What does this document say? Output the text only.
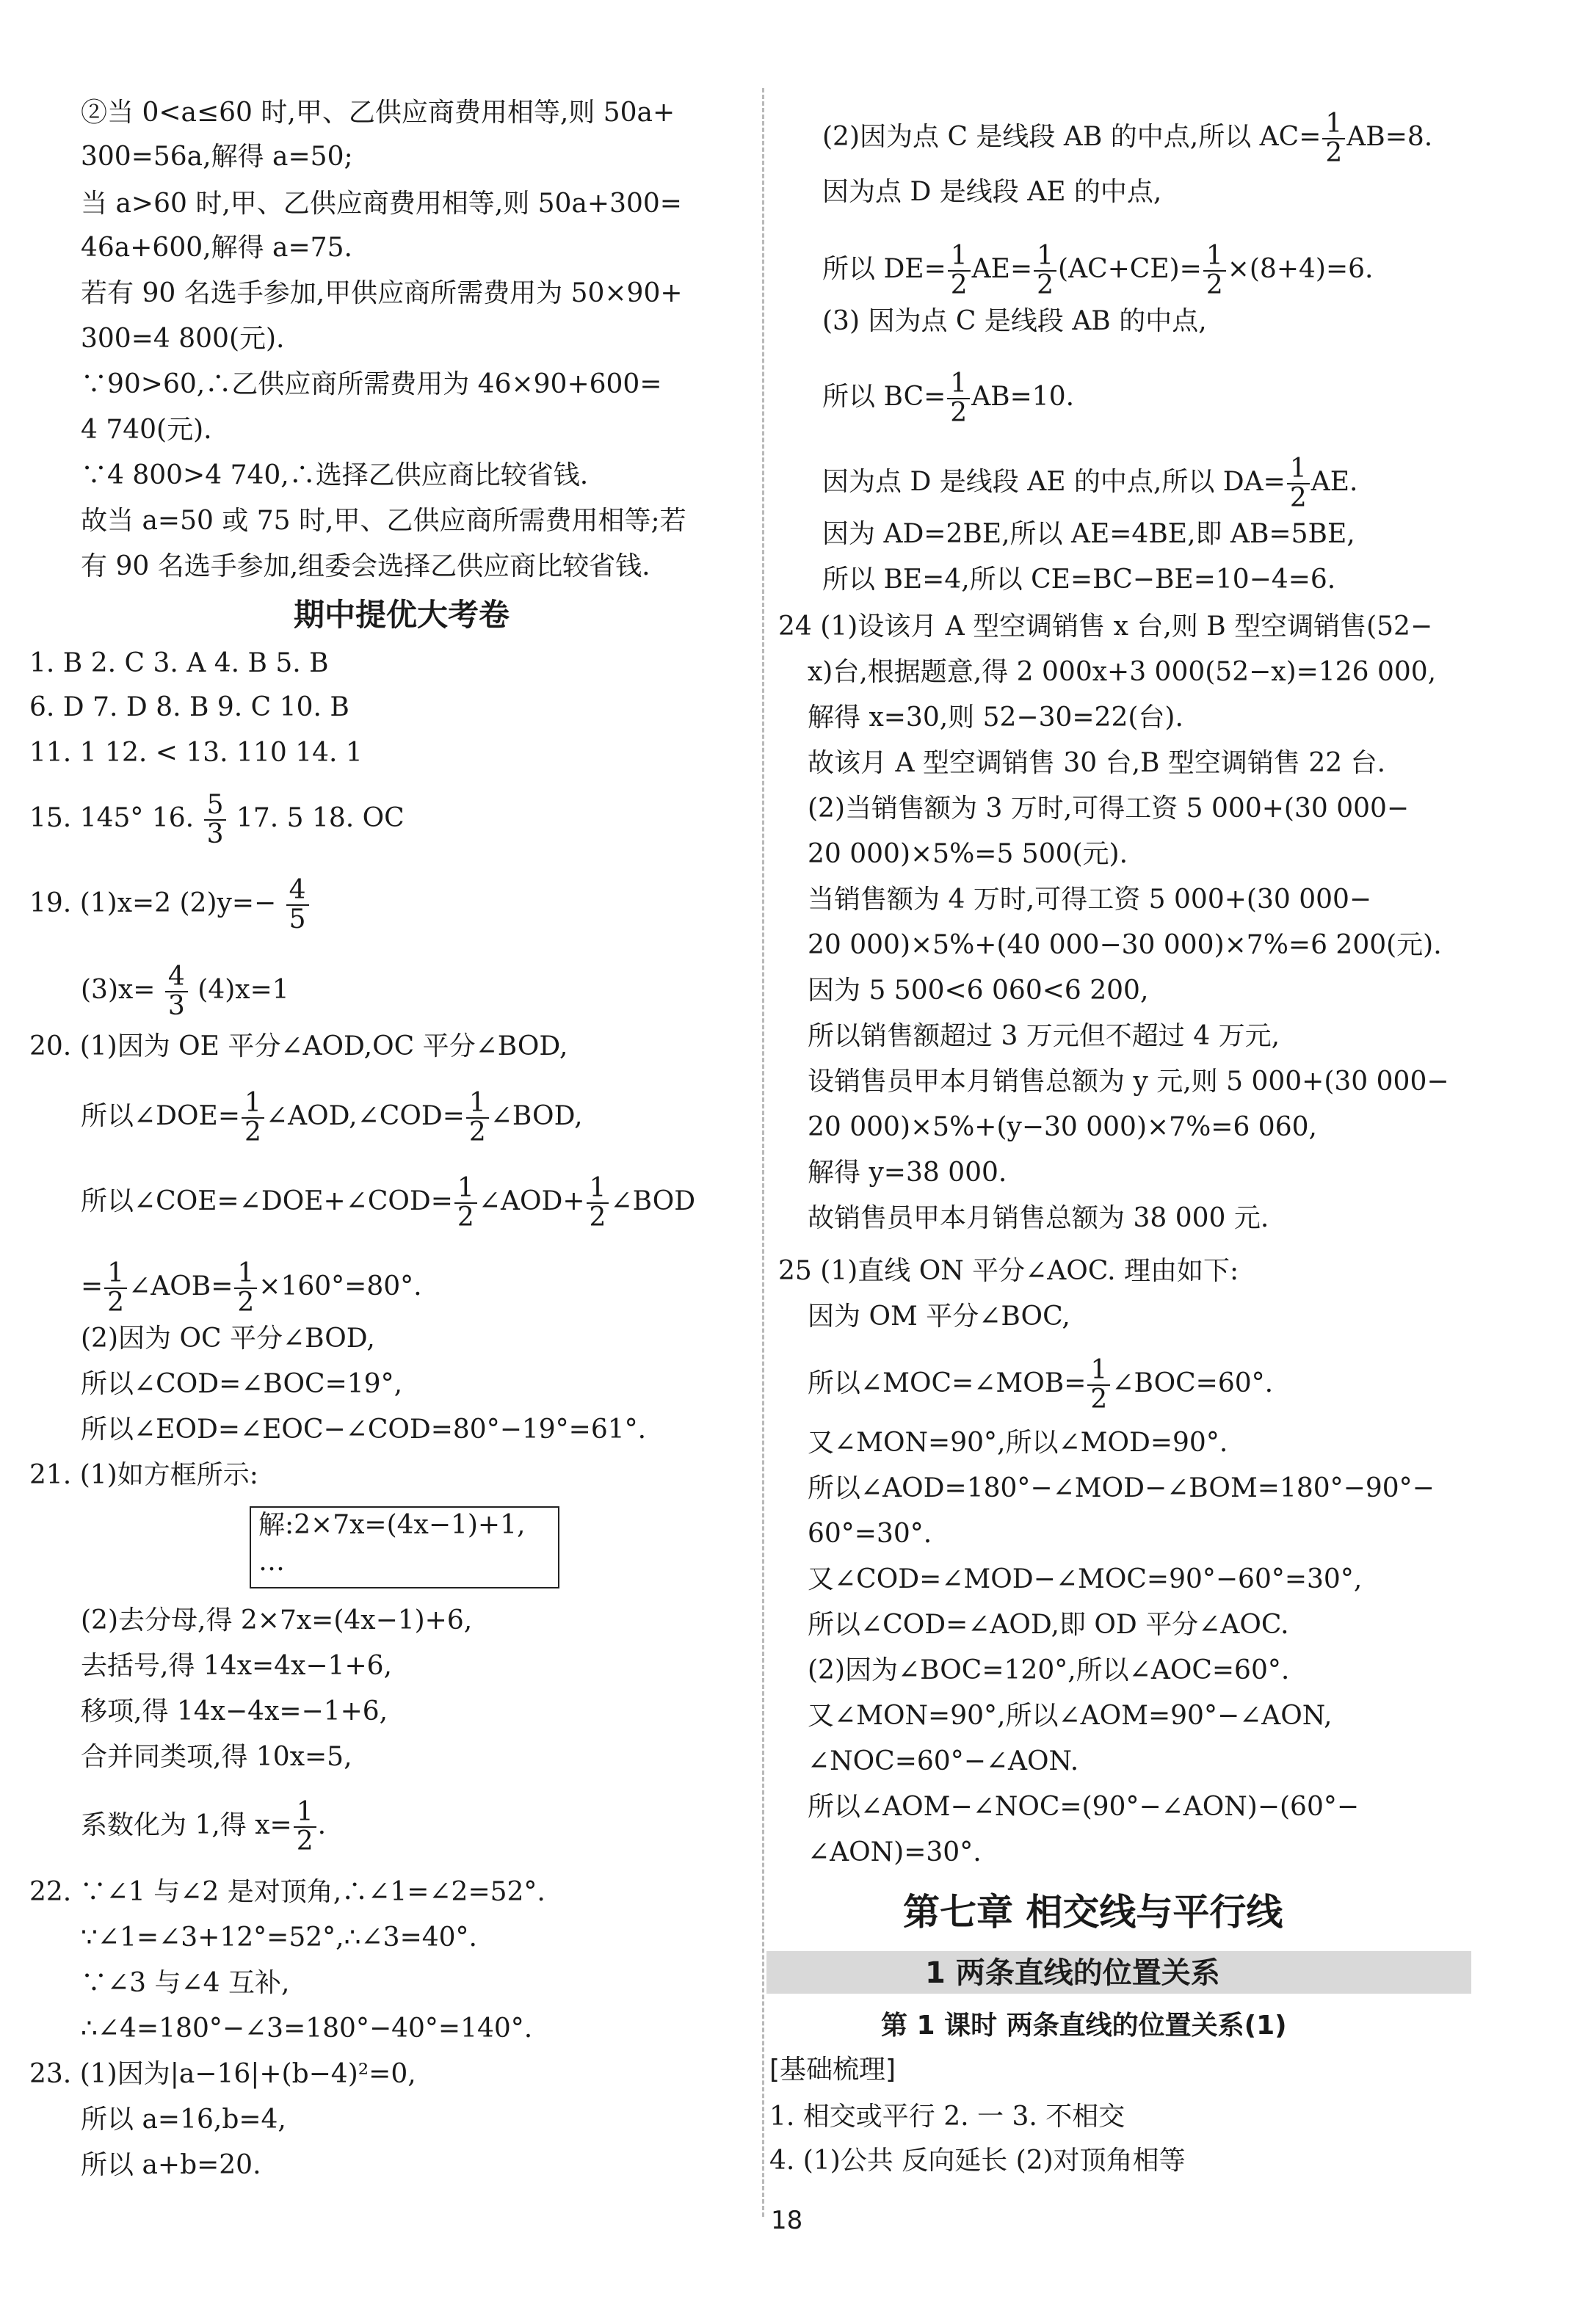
②当 0<a≤60 时,甲、乙供应商费用相等,则 50a+
300=56a,解得 a=50;
当 a>60 时,甲、乙供应商费用相等,则 50a+300=
46a+600,解得 a=75.
若有 90 名选手参加,甲供应商所需费用为 50×90+
300=4 800(元).
∵90>60,∴乙供应商所需费用为 46×90+600=
4 740(元).
∵4 800>4 740,∴选择乙供应商比较省钱.
故当 a=50 或 75 时,甲、乙供应商所需费用相等;若
有 90 名选手参加,组委会选择乙供应商比较省钱.
期中提优大考卷
1. B 2. C 3. A 4. B 5. B
6. D 7. D 8. B 9. C 10. B
11. 1 12. < 13. 110 14. 1
15. 145° 16. $\frac{5}{3} 17$. 5 18. OC
19. (1)x=2 $(2)y=- \frac{4}{5}$
$(3)x= \frac{4}{3} (4)x=1$
20. (1)因为 OE 平分∠AOD,OC 平分∠BOD,
所以∠DOE= $\frac{1}{2}$ ∠AOD,∠COD= $\frac{1}{2}$ ∠BOD,
所以∠COE=∠DOE+∠COD= $\frac{1}{2}$ ∠AOD+ $\frac{1}{2}$ ∠BOD
= $\frac{1}{2}$ ∠AOB= $\frac{1}{2} \times 160^\circ=80^\circ$.
(2)因为 OC 平分∠BOD,
所以∠COD=∠BOC=19°,
所以∠EOD=∠EOC−∠COD=80°−19°=61°.
21. (1)如方框所示:
解:2×7x=(4x−1)+1,
…
(2)去分母,得 2×7x=(4x−1)+6,
去括号,得 14x=4x−1+6,
移项,得 14x−4x=−1+6,
合并同类项,得 10x=5,
系数化为 1,得 $x= \frac{1}{2}$ .
22. ∵∠1 与∠2 是对顶角,∴∠1=∠2=52°.
∵∠1=∠3+12°=52°,∴∠3=40°.
∵∠3 与∠4 互补,
∴∠4=180°−∠3=180°−40°=140°.
23. (1)因为|a−16|+(b−4)²=0,
所以 a=16,b=4,
所以 a+b=20.
(2)因为点 C 是线段 AB 的中点,所以 $AC= \frac{1}{2} AB=8$.
因为点 D 是线段 AE 的中点,
所以 $DE= \frac{1}{2} AE= \frac{1}{2} (AC+CE)= \frac{1}{2} \times(8+4)=6$.
(3) 因为点 C 是线段 AB 的中点,
所以 $BC= \frac{1}{2} AB=10$.
因为点 D 是线段 AE 的中点,所以 $DA= \frac{1}{2}$ AE.
因为 AD=2BE,所以 AE=4BE,即 AB=5BE,
所以 BE=4,所以 CE=BC−BE=10−4=6.
24 (1)设该月 A 型空调销售 x 台,则 B 型空调销售(52−
x)台,根据题意,得 2 000x+3 000(52−x)=126 000,
解得 x=30,则 52−30=22(台).
故该月 A 型空调销售 30 台,B 型空调销售 22 台.
(2)当销售额为 3 万时,可得工资 5 000+(30 000−
20 000)×5%=5 500(元).
当销售额为 4 万时,可得工资 5 000+(30 000−
20 000)×5%+(40 000−30 000)×7%=6 200(元).
因为 5 500<6 060<6 200,
所以销售额超过 3 万元但不超过 4 万元,
设销售员甲本月销售总额为 y 元,则 5 000+(30 000−
20 000)×5%+(y−30 000)×7%=6 060,
解得 y=38 000.
故销售员甲本月销售总额为 38 000 元.
25 (1)直线 ON 平分∠AOC. 理由如下:
因为 OM 平分∠BOC,
所以∠MOC=∠MOB= $\frac{1}{2}$ ∠BOC=60°.
又∠MON=90°,所以∠MOD=90°.
所以∠AOD=180°−∠MOD−∠BOM=180°−90°−
60°=30°.
又∠COD=∠MOD−∠MOC=90°−60°=30°,
所以∠COD=∠AOD,即 OD 平分∠AOC.
(2)因为∠BOC=120°,所以∠AOC=60°.
又∠MON=90°,所以∠AOM=90°−∠AON,
∠NOC=60°−∠AON.
所以∠AOM−∠NOC=(90°−∠AON)−(60°−
∠AON)=30°.
第七章 相交线与平行线
1 两条直线的位置关系
第 1 课时 两条直线的位置关系(1)
[基础梳理]
1. 相交或平行 2. 一 3. 不相交
4. (1)公共 反向延长 (2)对顶角相等
18
